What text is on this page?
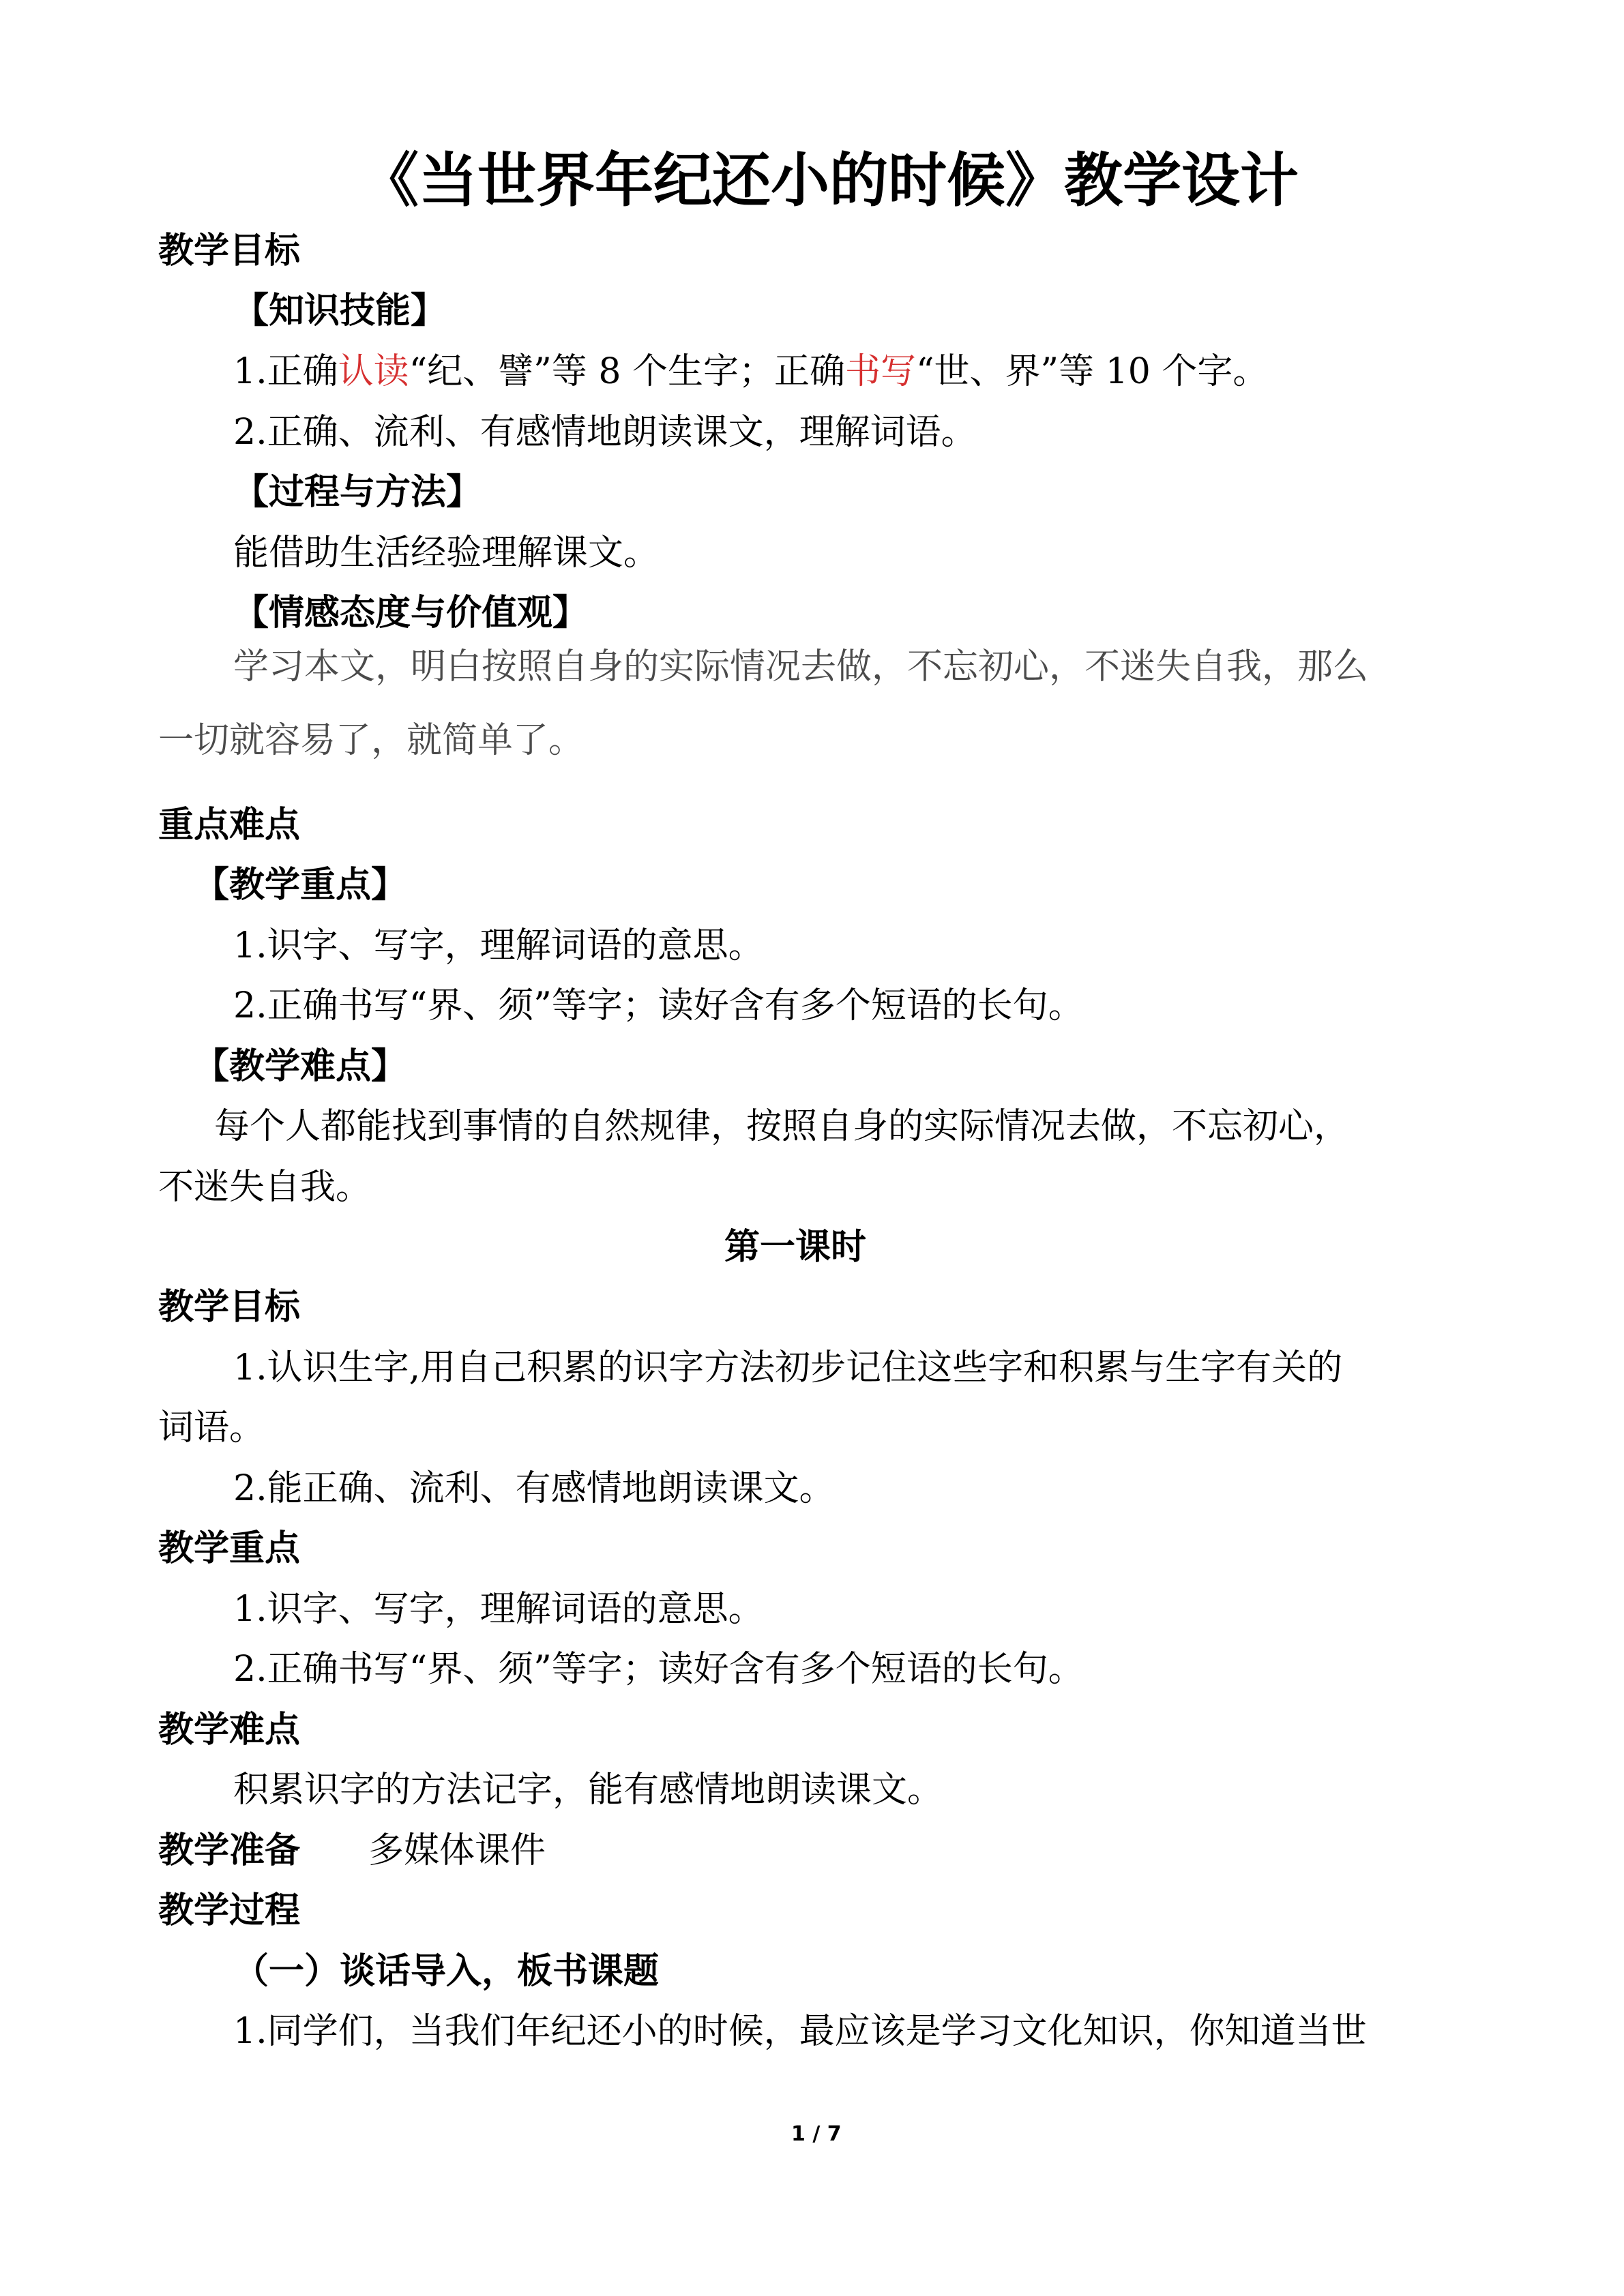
《当世界年纪还小的时候》教学设计
教学目标
【知识技能】
1.正确认读“纪、譬”等 8 个生字；正确书写“世、界”等 10 个字。
2.正确、流利、有感情地朗读课文，理解词语。
【过程与方法】
能借助生活经验理解课文。
【情感态度与价值观】
学习本文，明白按照自身的实际情况去做，不忘初心，不迷失自我，那么
一切就容易了，就简单了。
重点难点
【教学重点】
1.识字、写字，理解词语的意思。
2.正确书写“界、须”等字；读好含有多个短语的长句。
【教学难点】
每个人都能找到事情的自然规律，按照自身的实际情况去做，不忘初心，
不迷失自我。
第一课时
教学目标
1.认识生字,用自己积累的识字方法初步记住这些字和积累与生字有关的
词语。
2.能正确、流利、有感情地朗读课文。
教学重点
1.识字、写字，理解词语的意思。
2.正确书写“界、须”等字；读好含有多个短语的长句。
教学难点
积累识字的方法记字，能有感情地朗读课文。
教学准备 多媒体课件
教学过程
（一）谈话导入，板书课题
1.同学们，当我们年纪还小的时候，最应该是学习文化知识，你知道当世
1 / 7
